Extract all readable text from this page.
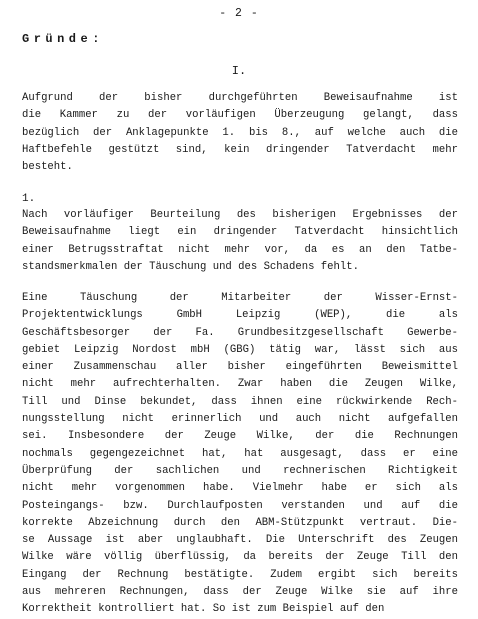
- 2 -
Gründe:
I.
Aufgrund der bisher durchgeführten Beweisaufnahme ist
die Kammer zu der vorläufigen Überzeugung gelangt, dass
bezüglich der Anklagepunkte 1. bis 8., auf welche auch die
Haftbefehle gestützt sind, kein dringender Tatverdacht mehr
besteht.
1.
Nach vorläufiger Beurteilung des bisherigen Ergebnisses der
Beweisaufnahme liegt ein dringender Tatverdacht hinsichtlich
einer Betrugsstraftat nicht mehr vor, da es an den Tatbe-
standsmerkmalen der Täuschung und des Schadens fehlt.
Eine Täuschung der Mitarbeiter der Wisser-Ernst-
Projektentwicklungs GmbH Leipzig (WEP), die als
Geschäftsbesorger der Fa. Grundbesitzgesellschaft Gewerbe-
gebiet Leipzig Nordost mbH (GBG) tätig war, lässt sich aus
einer Zusammenschau aller bisher eingeführten Beweismittel
nicht mehr aufrechterhalten. Zwar haben die Zeugen Wilke,
Till und Dinse bekundet, dass ihnen eine rückwirkende Rech-
nungsstellung nicht erinnerlich und auch nicht aufgefallen
sei. Insbesondere der Zeuge Wilke, der die Rechnungen
nochmals gegengezeichnet hat, hat ausgesagt, dass er eine
Überprüfung der sachlichen und rechnerischen Richtigkeit
nicht mehr vorgenommen habe. Vielmehr habe er sich als
Posteingangs- bzw. Durchlaufposten verstanden und auf die
korrekte Abzeichnung durch den ABM-Stützpunkt vertraut. Die-
se Aussage ist aber unglaubhaft. Die Unterschrift des Zeugen
Wilke wäre völlig überflüssig, da bereits der Zeuge Till den
Eingang der Rechnung bestätigte. Zudem ergibt sich bereits
aus mehreren Rechnungen, dass der Zeuge Wilke sie auf ihre
Korrektheit kontrolliert hat. So ist zum Beispiel auf den
